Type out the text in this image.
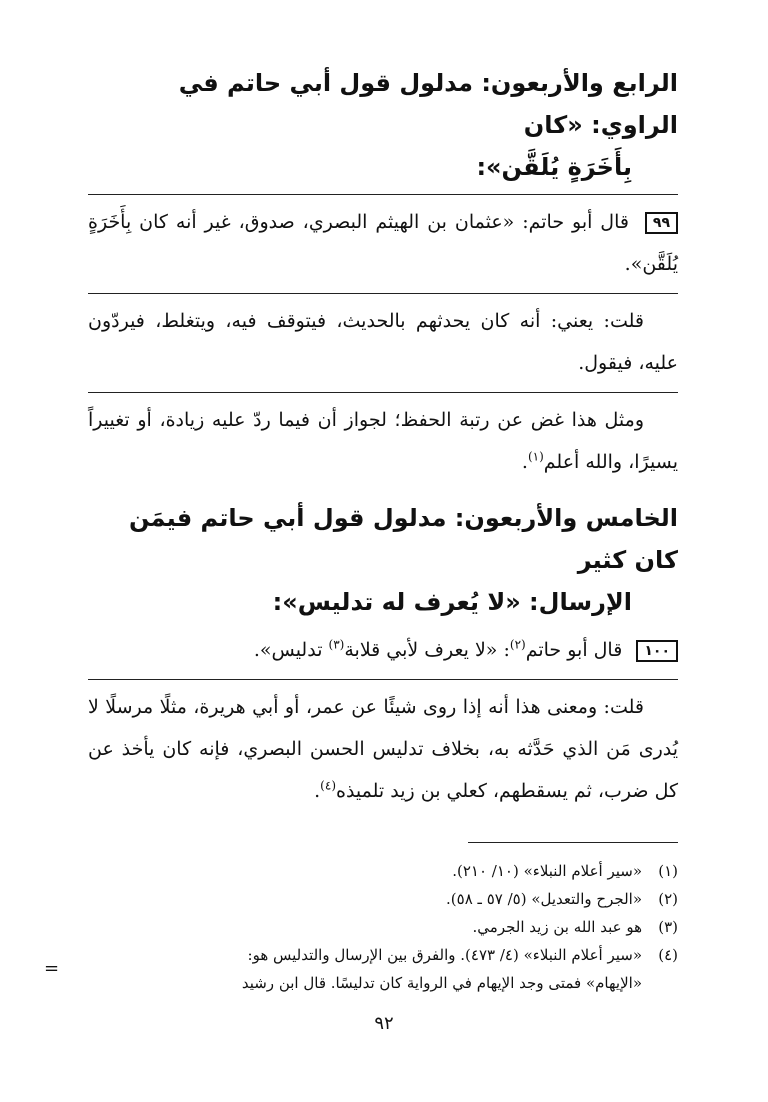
الرابع والأربعون: مدلول قول أبي حاتم في الراوي: «كان
بِأَخَرَةٍ يُلَقَّن»:

٩٩ قال أبو حاتم: «عثمان بن الهيثم البصري، صدوق، غير أنه كان بِأَخَرَةٍ يُلَقَّن».

قلت: يعني: أنه كان يحدثهم بالحديث، فيتوقف فيه، ويتغلط، فيردّون عليه، فيقول.

ومثل هذا غض عن رتبة الحفظ؛ لجواز أن فيما ردّ عليه زيادة، أو تغييراً يسيرًا، والله أعلم$^{(١)}$.

الخامس والأربعون: مدلول قول أبي حاتم فيمَن كان كثير
الإرسال: «لا يُعرف له تدليس»:

١٠٠ قال أبو حاتم$^{(٢)}$: «لا يعرف لأبي قلابة$^{(٣)}$ تدليس».

قلت: ومعنى هذا أنه إذا روى شيئًا عن عمر، أو أبي هريرة، مثلًا مرسلًا لا يُدرى مَن الذي حَدَّثه به، بخلاف تدليس الحسن البصري، فإنه كان يأخذ عن كل ضرب، ثم يسقطهم، كعلي بن زيد تلميذه$^{(٤)}$.

(١)
«سير أعلام النبلاء» (١٠/ ٢١٠).

(٢)
«الجرح والتعديل» (٥/ ٥٧ ـ ٥٨).

(٣)
هو عبد الله بن زيد الجرمي.

(٤)
«سير أعلام النبلاء» (٤/ ٤٧٣). والفرق بين الإرسال والتدليس هو:

«الإيهام» فمتى وجد الإيهام في الرواية كان تدليسًا. قال ابن رشيد

=
٩٢
